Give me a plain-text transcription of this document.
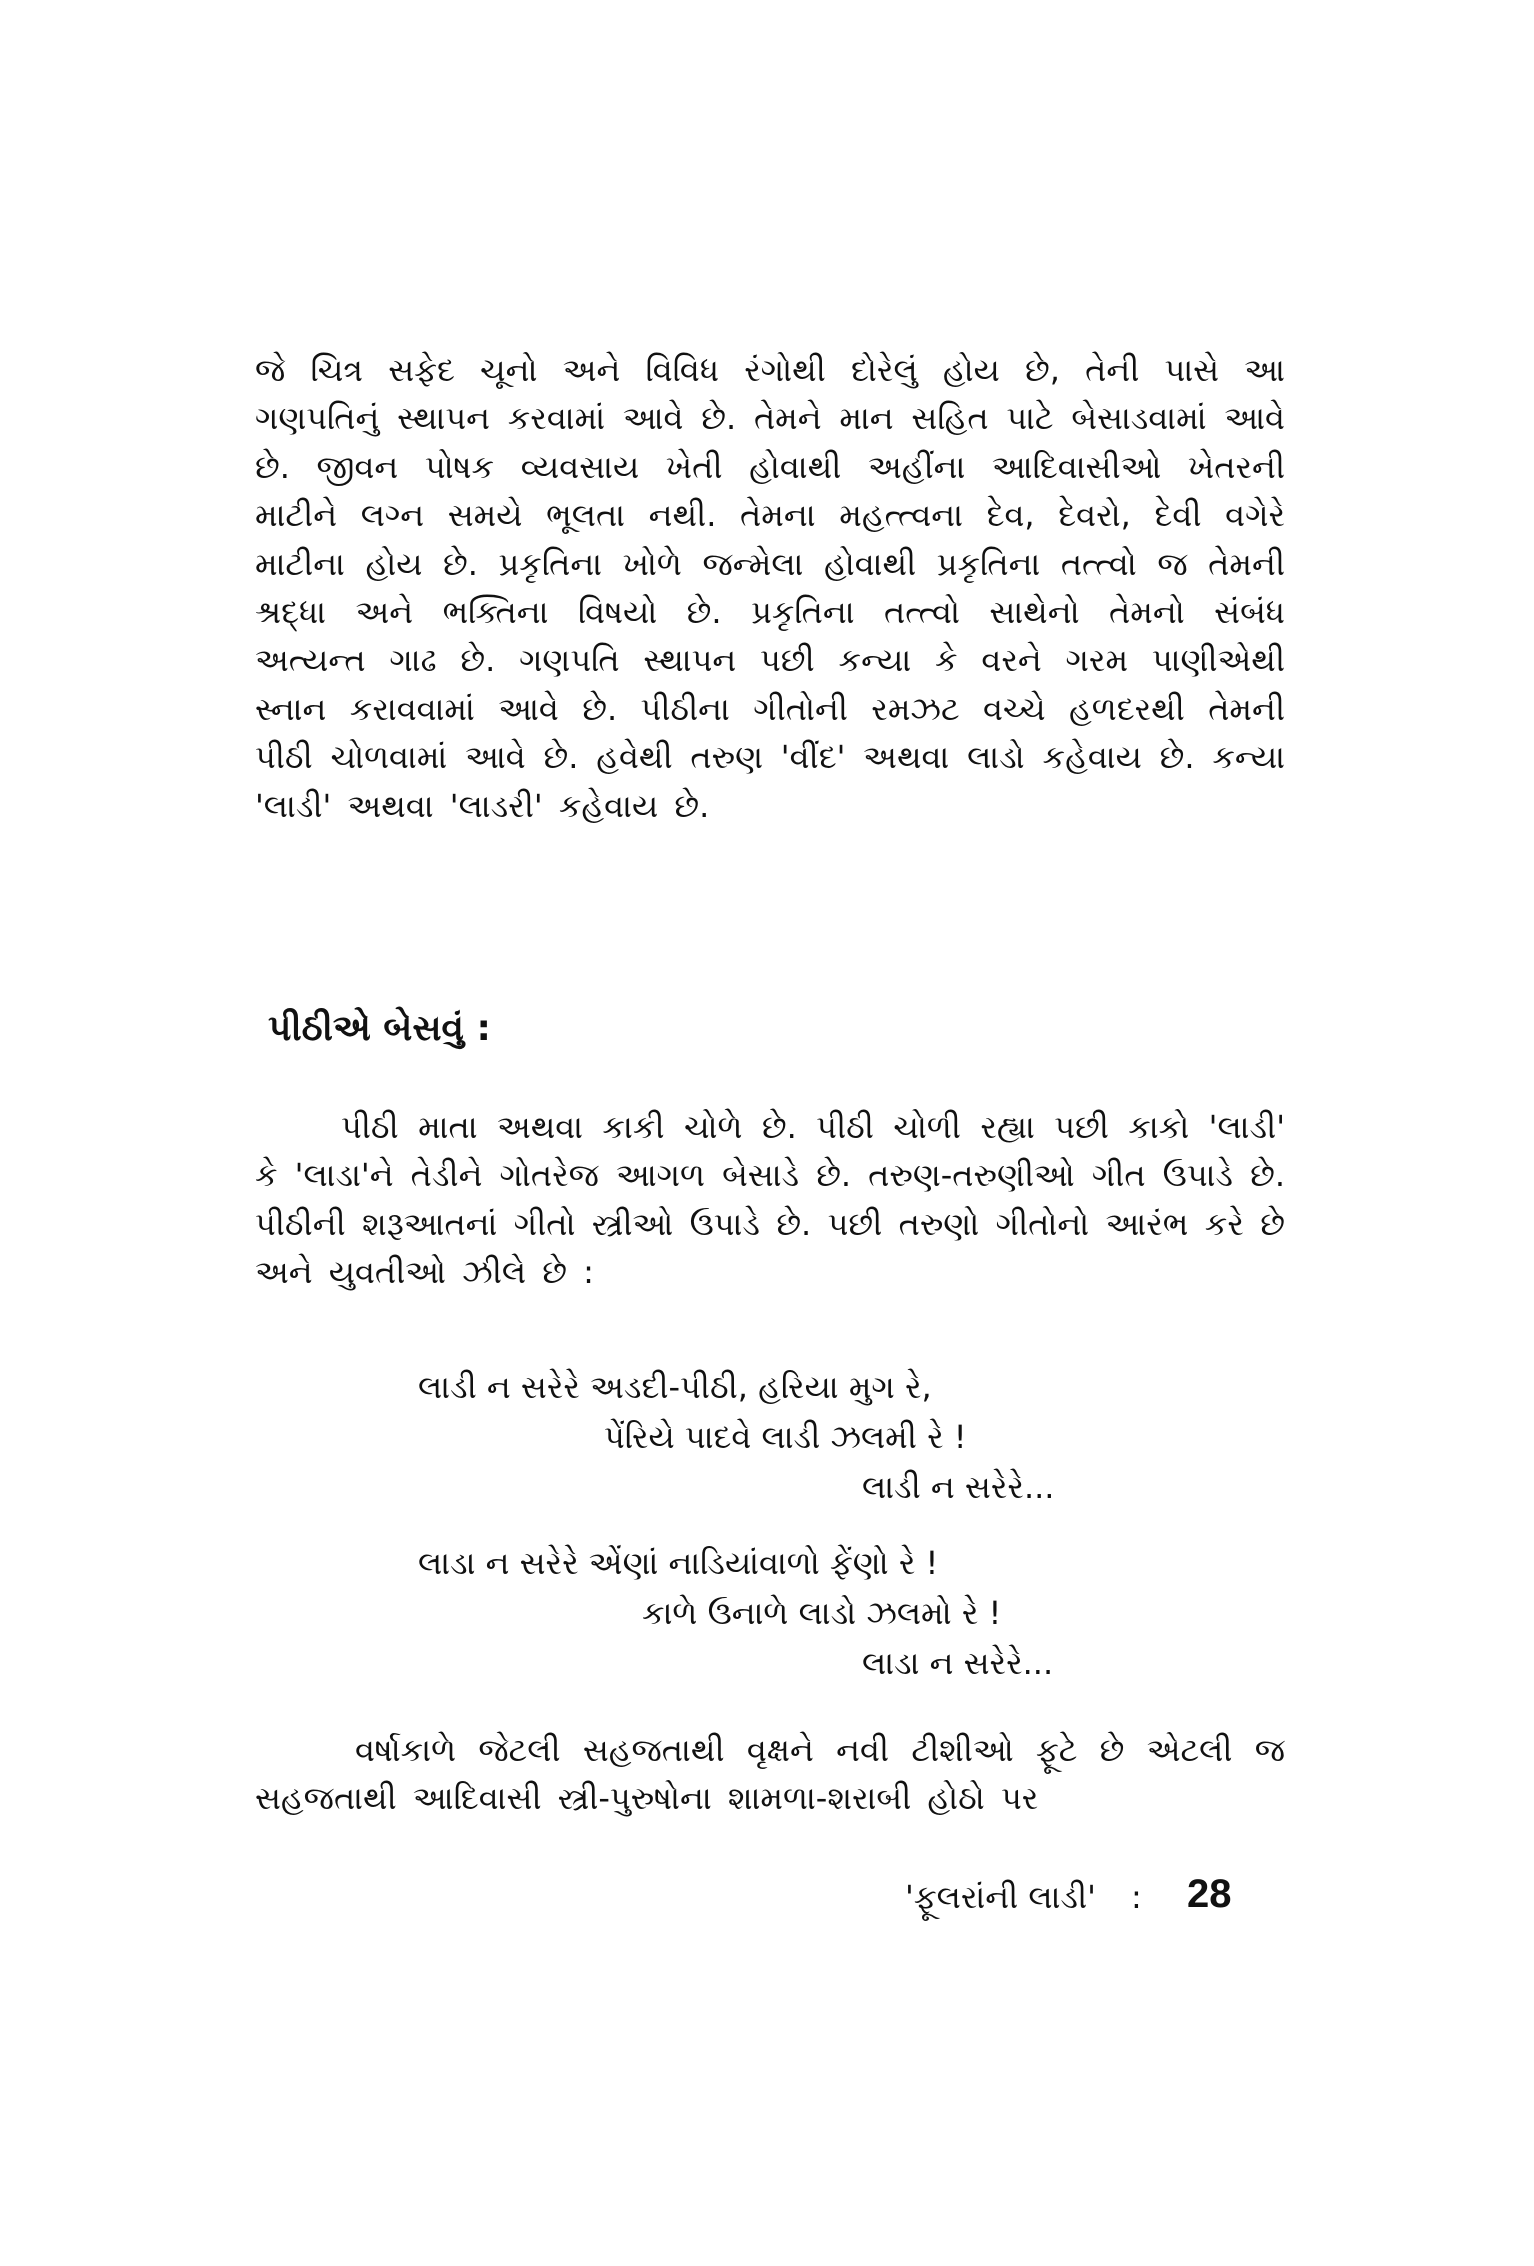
જે ચિત્ર સફેદ ચૂનો અને વિવિધ રંગોથી દોરેલું હોય છે, તેની પાસે આ ગણપતિનું સ્થાપન કરવામાં આવે છે. તેમને માન સહિત પાટે બેસાડવામાં આવે છે. જીવન પોષક વ્યવસાય ખેતી હોવાથી અહીંના આદિવાસીઓ ખેતરની માટીને લગ્ન સમયે ભૂલતા નથી. તેમના મહત્ત્વના દેવ, દેવરો, દેવી વગેરે માટીના હોય છે. પ્રકૃતિના ખોળે જન્મેલા હોવાથી પ્રકૃતિના તત્ત્વો જ તેમની શ્રદ્ધા અને ભક્તિના વિષયો છે. પ્રકૃતિના તત્ત્વો સાથેનો તેમનો સંબંધ અત્યન્ત ગાઢ છે. ગણપતિ સ્થાપન પછી કન્યા કે વરને ગરમ પાણીએથી સ્નાન કરાવવામાં આવે છે. પીઠીના ગીતોની રમઝટ વચ્ચે હળદરથી તેમની પીઠી ચોળવામાં આવે છે. હવેથી તરુણ 'વીંદ' અથવા લાડો કહેવાય છે. કન્યા 'લાડી' અથવા 'લાડરી' કહેવાય છે.

પીઠીએ બેસવું :

પીઠી માતા અથવા કાકી ચોળે છે. પીઠી ચોળી રહ્યા પછી કાકો 'લાડી' કે 'લાડા'ને તેડીને ગોતરેજ આગળ બેસાડે છે. તરુણ-તરુણીઓ ગીત ઉપાડે છે. પીઠીની શરૂઆતનાં ગીતો સ્ત્રીઓ ઉપાડે છે. પછી તરુણો ગીતોનો આરંભ કરે છે અને યુવતીઓ ઝીલે છે :

લાડી ન સરેરે અડદી-પીઠી, હરિયા મુગ રે,
પેંરિયે પાદવે લાડી ઝલમી રે !
લાડી ન સરેરે...
લાડા ન સરેરે એંણાં નાડિયાંવાળો ફેંણો રે !
કાળે ઉનાળે લાડો ઝલમો રે !
લાડા ન સરેરે...

વર્ષાકાળે જેટલી સહજતાથી વૃક્ષને નવી ટીશીઓ ફૂટે છે એટલી જ સહજતાથી આદિવાસી સ્ત્રી-પુરુષોના શામળા-શરાબી હોઠો પર

'ફૂલરાંની લાડી' : 28
